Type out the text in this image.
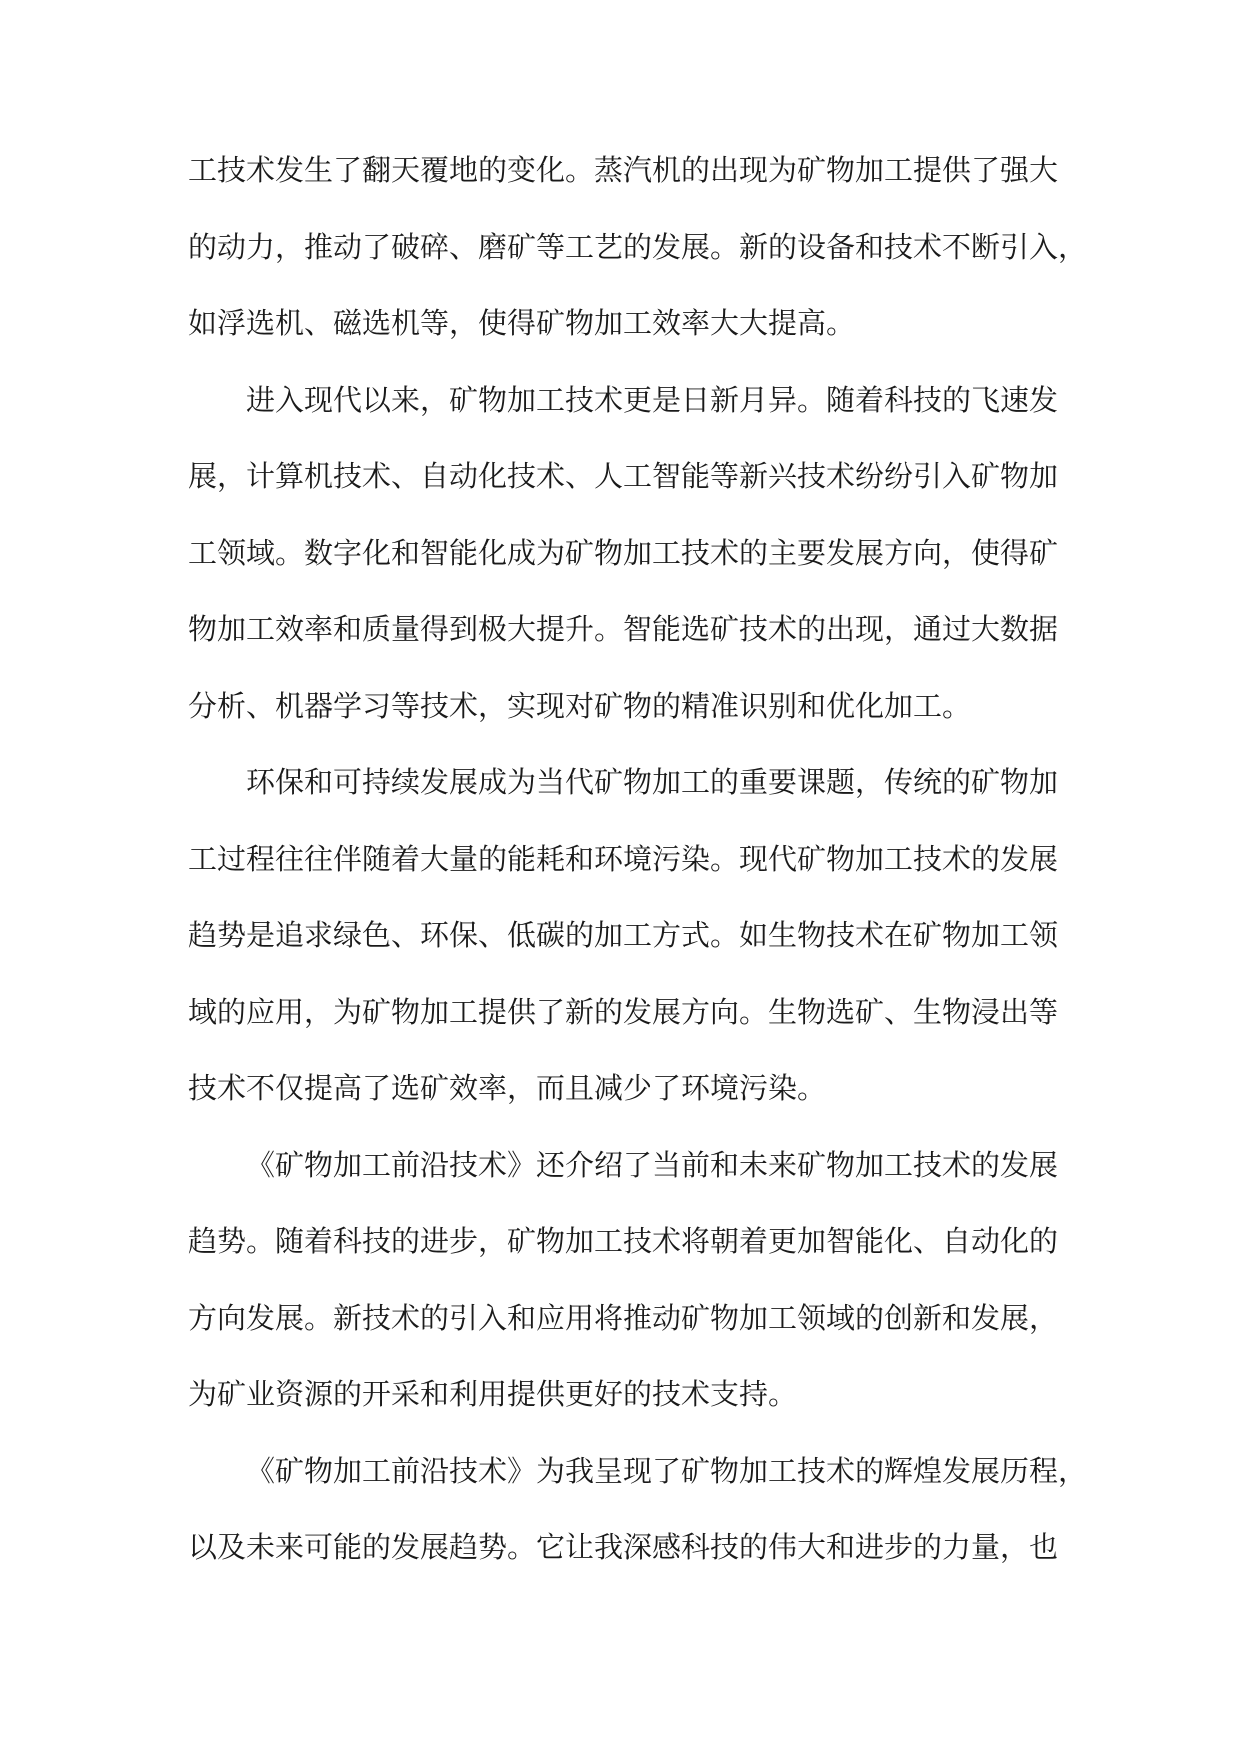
工技术发生了翻天覆地的变化。蒸汽机的出现为矿物加工提供了强大
的动力，推动了破碎、磨矿等工艺的发展。新的设备和技术不断引入，
如浮选机、磁选机等，使得矿物加工效率大大提高。
进入现代以来，矿物加工技术更是日新月异。随着科技的飞速发
展，计算机技术、自动化技术、人工智能等新兴技术纷纷引入矿物加
工领域。数字化和智能化成为矿物加工技术的主要发展方向，使得矿
物加工效率和质量得到极大提升。智能选矿技术的出现，通过大数据
分析、机器学习等技术，实现对矿物的精准识别和优化加工。
环保和可持续发展成为当代矿物加工的重要课题，传统的矿物加
工过程往往伴随着大量的能耗和环境污染。现代矿物加工技术的发展
趋势是追求绿色、环保、低碳的加工方式。如生物技术在矿物加工领
域的应用，为矿物加工提供了新的发展方向。生物选矿、生物浸出等
技术不仅提高了选矿效率，而且减少了环境污染。
《矿物加工前沿技术》还介绍了当前和未来矿物加工技术的发展
趋势。随着科技的进步，矿物加工技术将朝着更加智能化、自动化的
方向发展。新技术的引入和应用将推动矿物加工领域的创新和发展，
为矿业资源的开采和利用提供更好的技术支持。
《矿物加工前沿技术》为我呈现了矿物加工技术的辉煌发展历程，
以及未来可能的发展趋势。它让我深感科技的伟大和进步的力量，也
